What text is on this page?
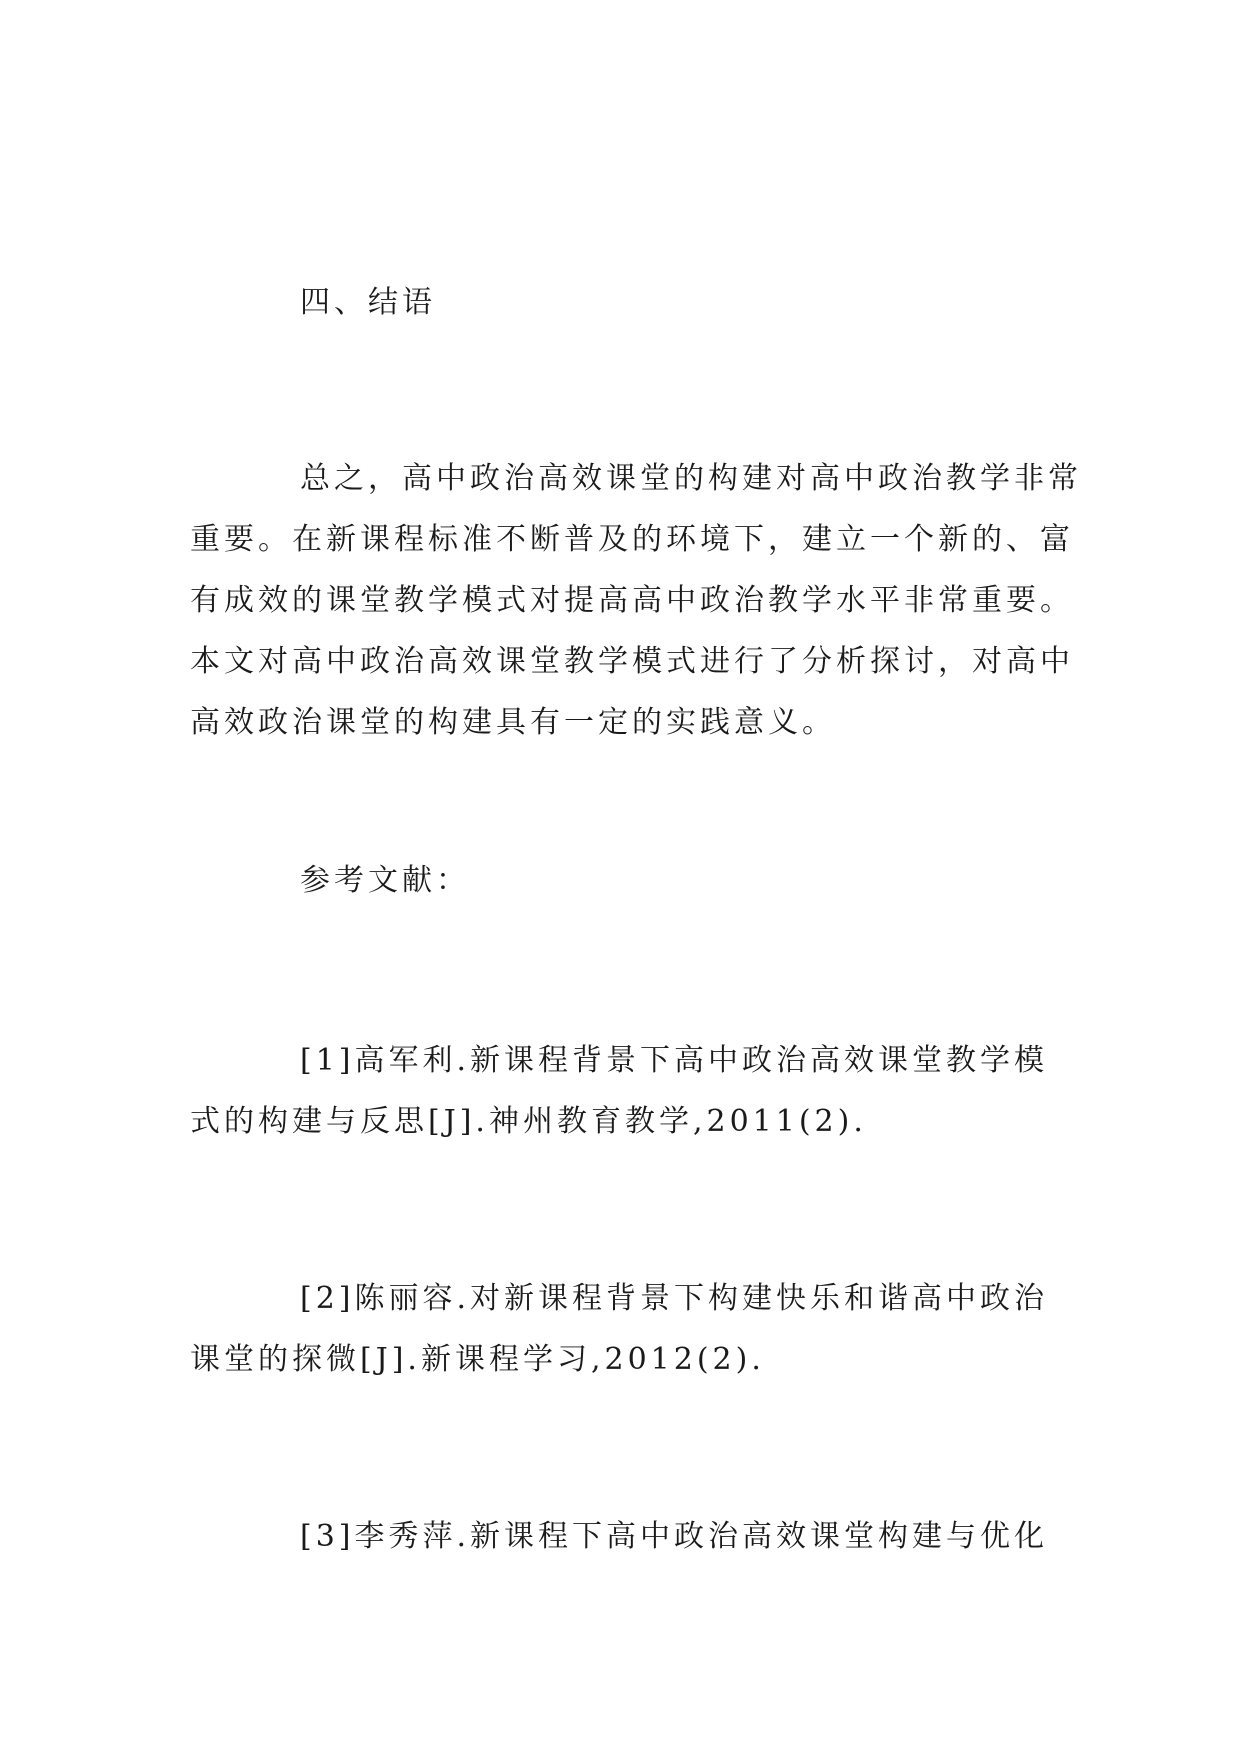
四、结语
总之，高中政治高效课堂的构建对高中政治教学非常
重要。在新课程标准不断普及的环境下，建立一个新的、富
有成效的课堂教学模式对提高高中政治教学水平非常重要。
本文对高中政治高效课堂教学模式进行了分析探讨，对高中
高效政治课堂的构建具有一定的实践意义。
参考文献：
[1]高军利.新课程背景下高中政治高效课堂教学模
式的构建与反思[J].神州教育教学,2011(2).
[2]陈丽容.对新课程背景下构建快乐和谐高中政治
课堂的探微[J].新课程学习,2012(2).
[3]李秀萍.新课程下高中政治高效课堂构建与优化
